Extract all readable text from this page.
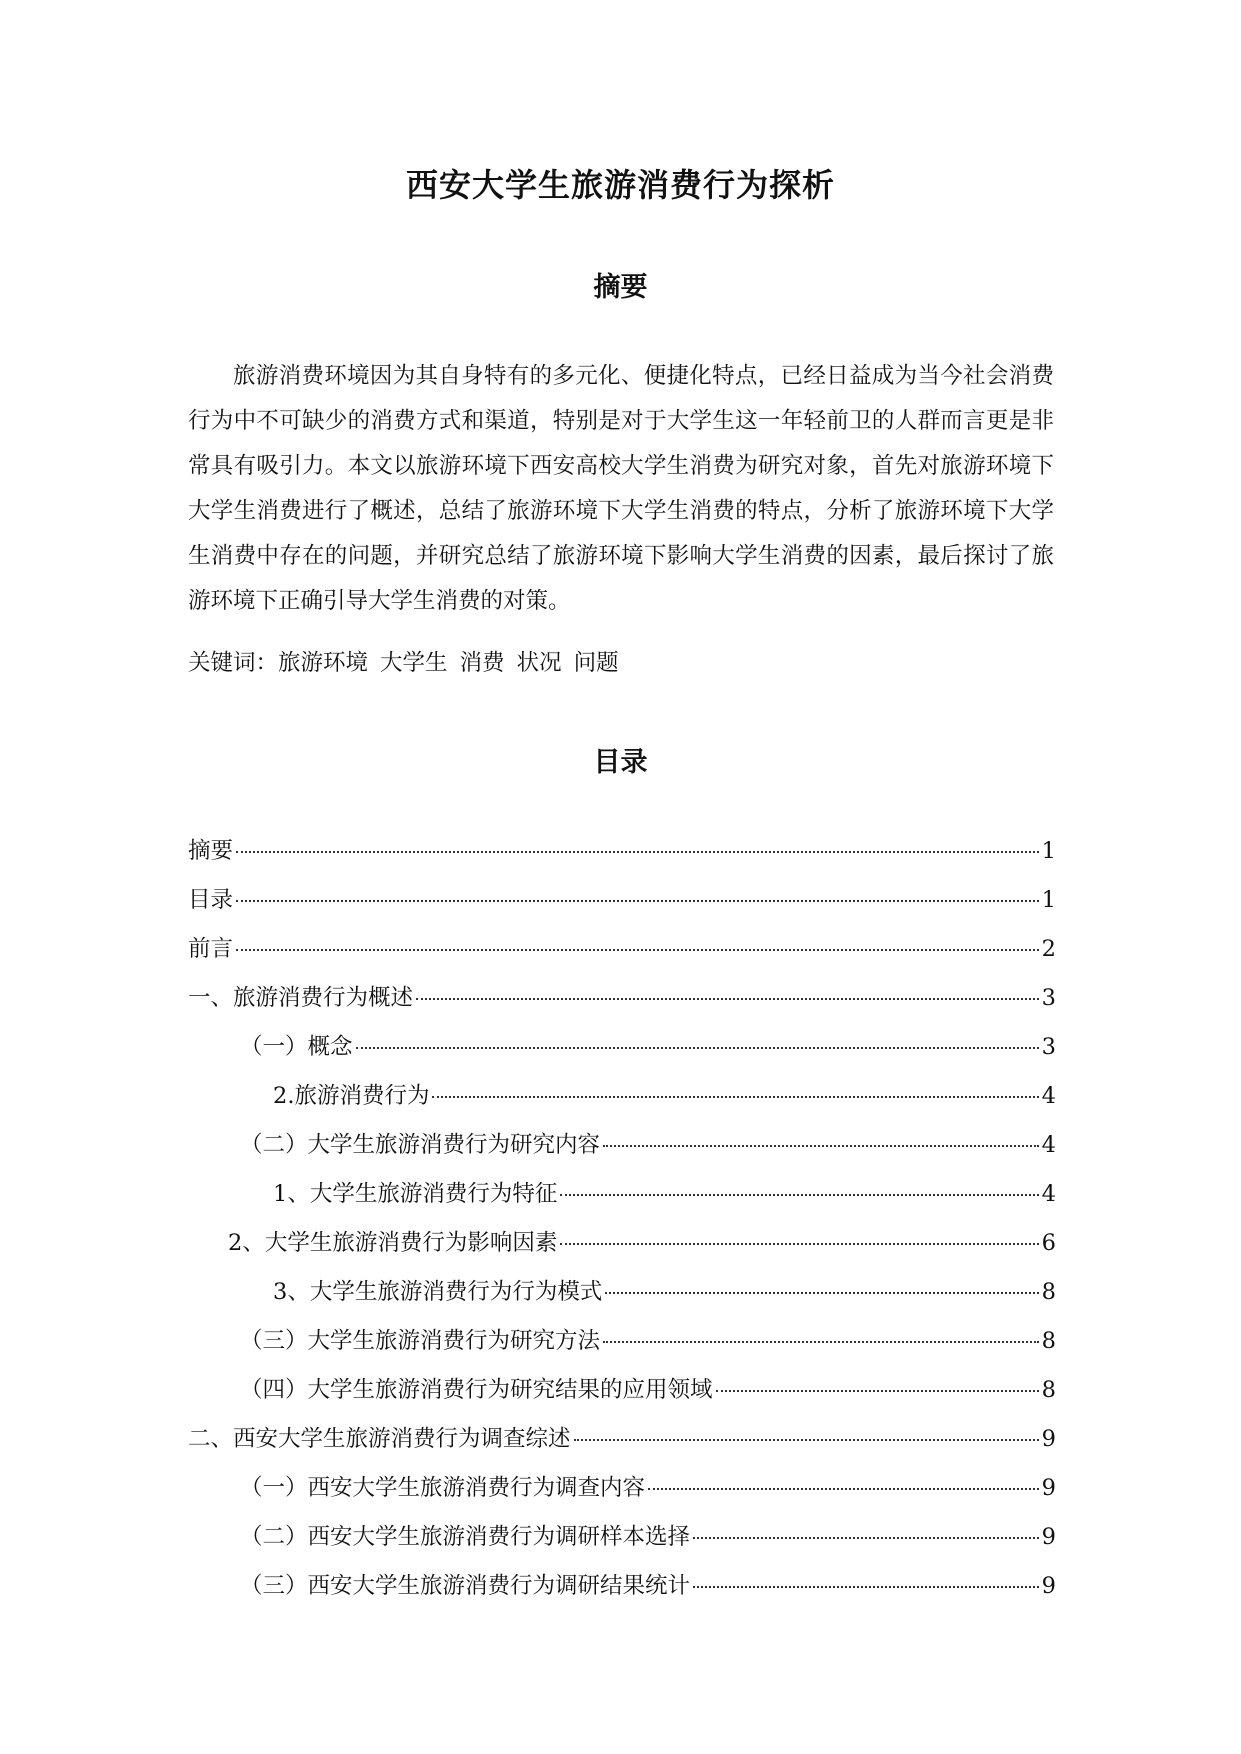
西安大学生旅游消费行为探析
摘要
旅游消费环境因为其自身特有的多元化、便捷化特点，已经日益成为当今社会消费行为中不可缺少的消费方式和渠道，特别是对于大学生这一年轻前卫的人群而言更是非常具有吸引力。本文以旅游环境下西安高校大学生消费为研究对象，首先对旅游环境下大学生消费进行了概述，总结了旅游环境下大学生消费的特点，分析了旅游环境下大学生消费中存在的问题，并研究总结了旅游环境下影响大学生消费的因素，最后探讨了旅游环境下正确引导大学生消费的对策。
关键词：旅游环境 大学生 消费 状况 问题
目录
摘要	1
目录	1
前言	2
一、旅游消费行为概述	3
（一）概念	3
2.旅游消费行为	4
（二）大学生旅游消费行为研究内容	4
1、大学生旅游消费行为特征	4
2、大学生旅游消费行为影响因素	6
3、大学生旅游消费行为行为模式	8
（三）大学生旅游消费行为研究方法	8
（四）大学生旅游消费行为研究结果的应用领域	8
二、西安大学生旅游消费行为调查综述	9
（一）西安大学生旅游消费行为调查内容	9
（二）西安大学生旅游消费行为调研样本选择	9
（三）西安大学生旅游消费行为调研结果统计	9
